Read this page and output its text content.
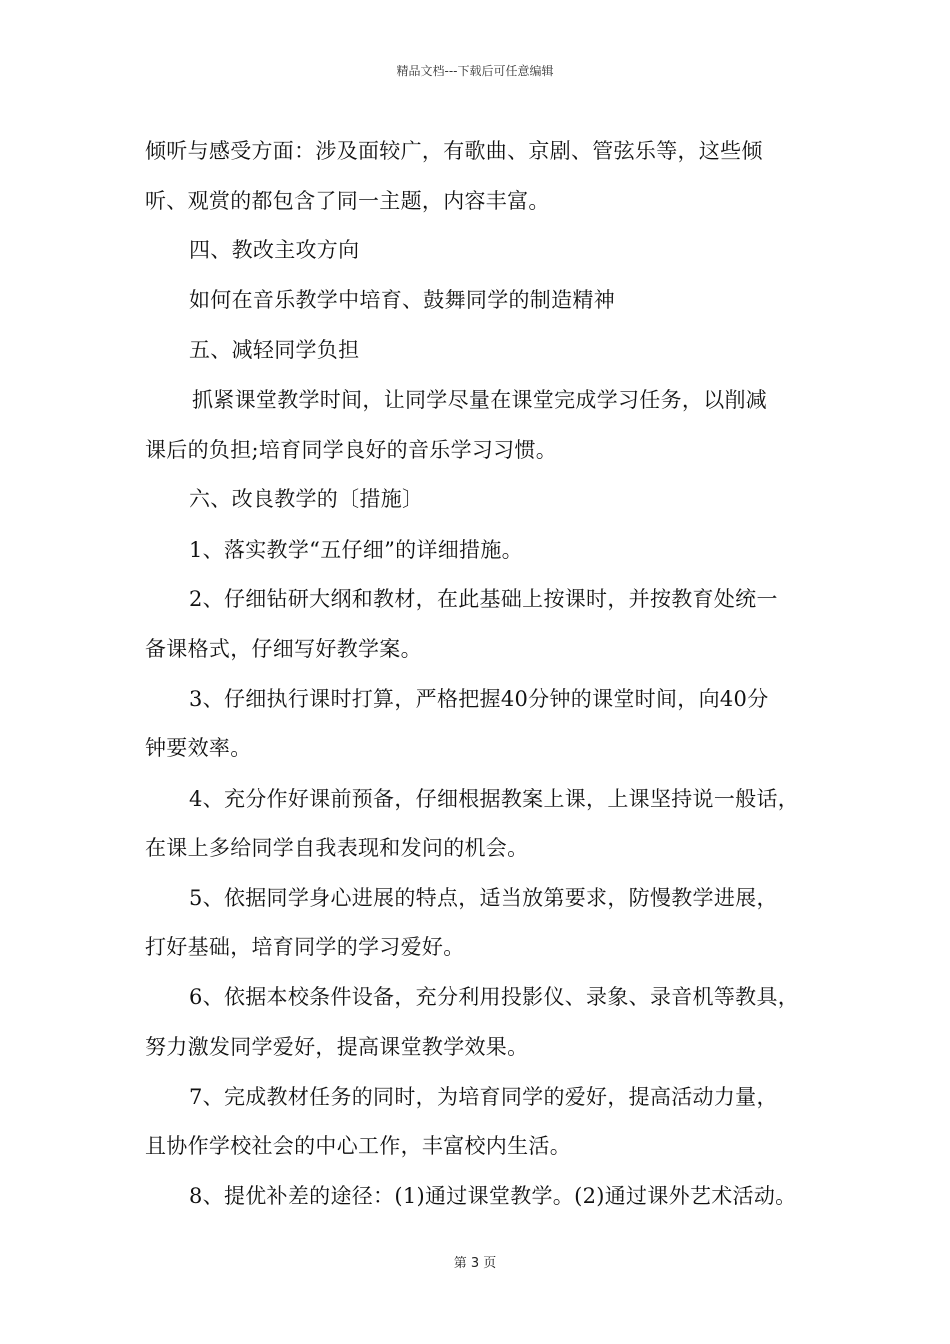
精品文档---下载后可任意编辑
倾听与感受方面：涉及面较广，有歌曲、京剧、管弦乐等，这些倾
听、观赏的都包含了同一主题，内容丰富。
四、教改主攻方向
如何在音乐教学中培育、鼓舞同学的制造精神
五、减轻同学负担
抓紧课堂教学时间，让同学尽量在课堂完成学习任务，以削减
课后的负担;培育同学良好的音乐学习习惯。
六、改良教学的〔措施〕
1、落实教学“五仔细”的详细措施。
2、仔细钻研大纲和教材，在此基础上按课时，并按教育处统一
备课格式，仔细写好教学案。
3、仔细执行课时打算，严格把握40分钟的课堂时间，向40分
钟要效率。
4、充分作好课前预备，仔细根据教案上课，上课坚持说一般话，
在课上多给同学自我表现和发问的机会。
5、依据同学身心进展的特点，适当放第要求，防慢教学进展，
打好基础，培育同学的学习爱好。
6、依据本校条件设备，充分利用投影仪、录象、录音机等教具，
努力激发同学爱好，提高课堂教学效果。
7、完成教材任务的同时，为培育同学的爱好，提高活动力量，
且协作学校社会的中心工作，丰富校内生活。
8、提优补差的途径：(1)通过课堂教学。(2)通过课外艺术活动。
第 3 页
